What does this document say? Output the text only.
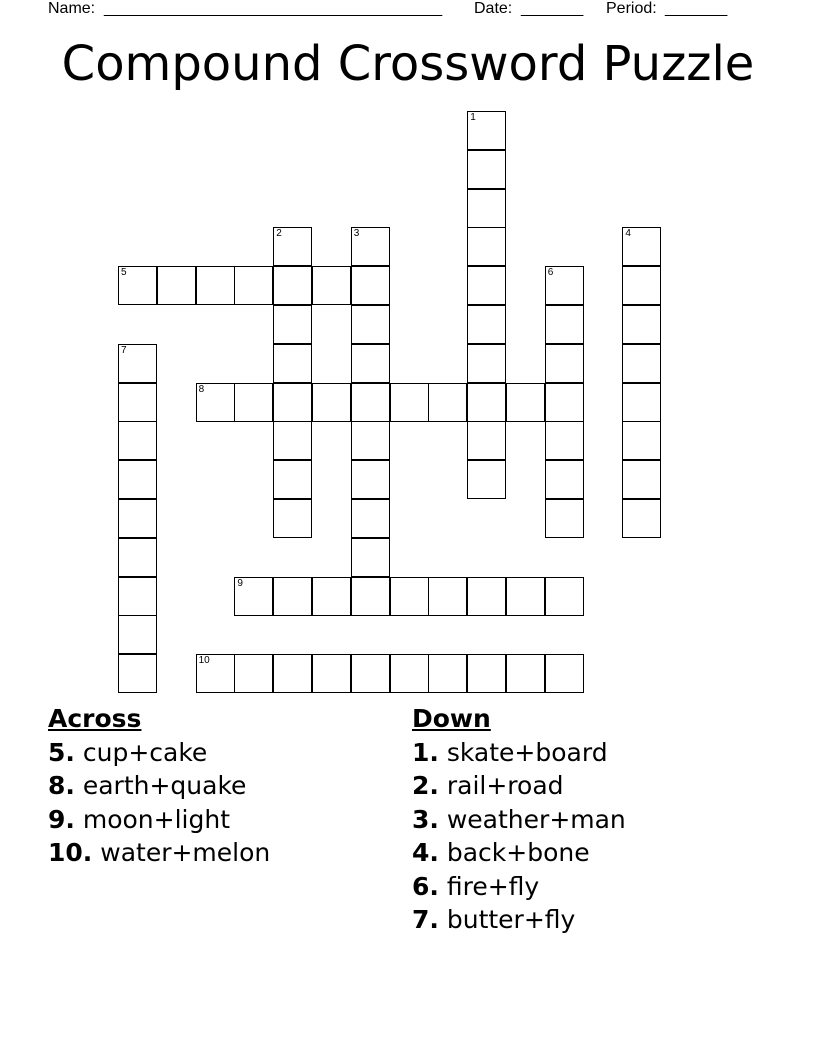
Name: ______________________________________ Date: _______ Period: _______
Compound Crossword Puzzle
1
2	3	4
5	6
7
8
9
10
Across
5. cup+cake
8. earth+quake
9. moon+light
10. water+melon
Down
1. skate+board
2. rail+road
3. weather+man
4. back+bone
6. fire+fly
7. butter+fly
